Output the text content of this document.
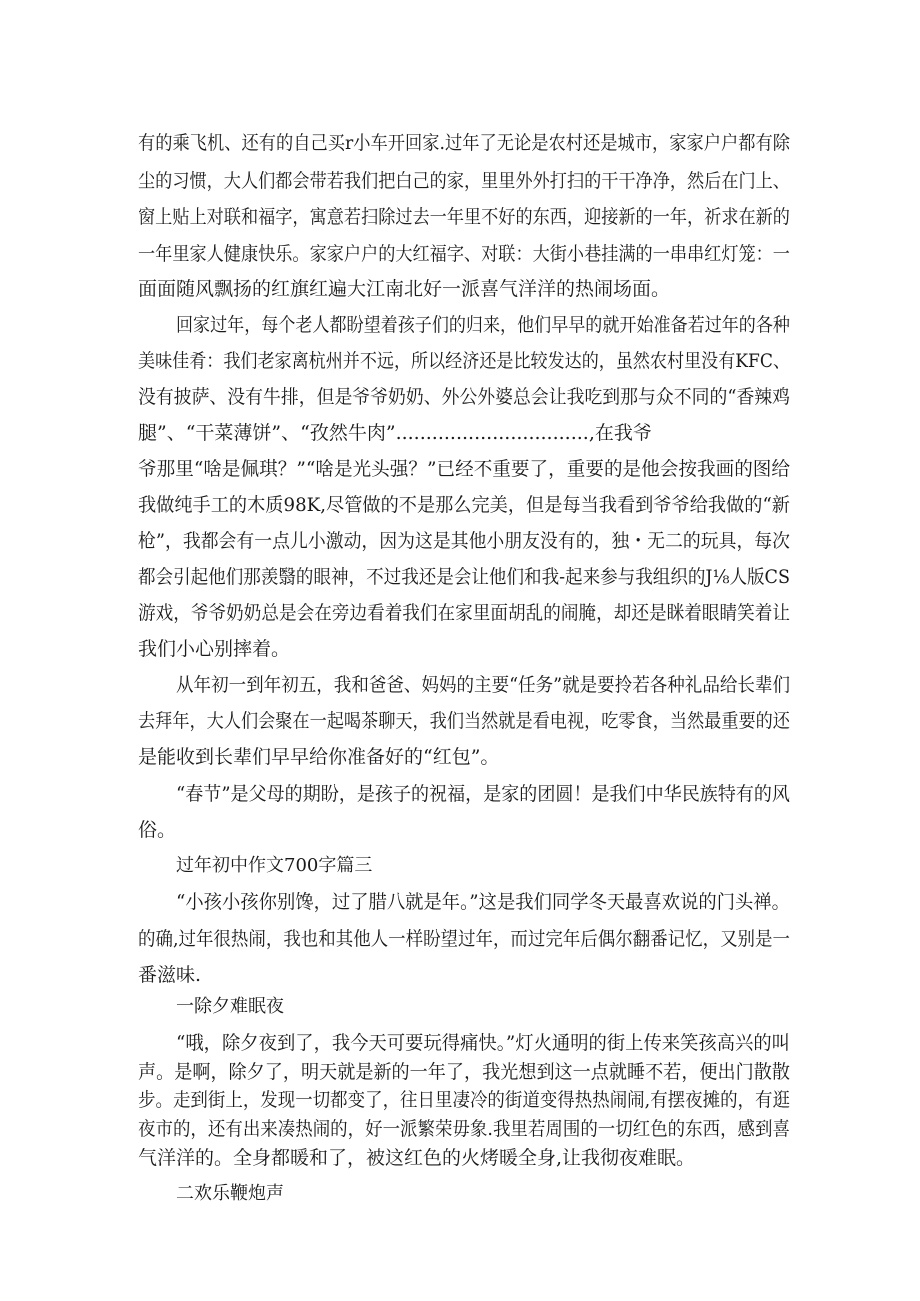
有的乘飞机、还有的自己买r小车开回家.过年了无论是农村还是城市，家家户户都有除
尘的习惯，大人们都会带若我们把白己的家，里里外外打扫的干干净净，然后在门上、
窗上贴上对联和福字，寓意若扫除过去一年里不好的东西，迎接新的一年，祈求在新的
一年里家人健康快乐。家家户户的大红福字、对联：大街小巷挂满的一串串红灯笼：一
面面随风飘扬的红旗红遍大江南北好一派喜气洋洋的热闹场面。
回家过年，每个老人都盼望着孩子们的归来，他们早早的就开始准备若过年的各种
美味佳肴：我们老家离杭州并不远，所以经济还是比较发达的，虽然农村里没有KFC、
没有披萨、没有牛排，但是爷爷奶奶、外公外婆总会让我吃到那与众不同的“香辣鸡
腿”、“干菜薄饼”、“孜然牛肉”................................,在我爷
爷那里“啥是佩琪？”“啥是光头强？”已经不重要了，重要的是他会按我画的图给
我做纯手工的木质98K,尽管做的不是那么完美，但是每当我看到爷爷给我做的“新
枪”，我都会有一点儿小激动，因为这是其他小朋友没有的，独・无二的玩具，每次
都会引起他们那羡翳的眼神，不过我还是会让他们和我-起来参与我组织的J⅛人版CS
游戏，爷爷奶奶总是会在旁边看着我们在家里面胡乱的闹腌，却还是眯着眼睛笑着让
我们小心别摔着。
从年初一到年初五，我和爸爸、妈妈的主要“任务”就是要拎若各种礼品给长辈们
去拜年，大人们会聚在一起喝茶聊天，我们当然就是看电视，吃零食，当然最重要的还
是能收到长辈们早早给你准备好的“红包”。
“春节”是父母的期盼，是孩子的祝福，是家的团圆！是我们中华民族特有的风
俗。
过年初中作文700字篇三
“小孩小孩你别馋，过了腊八就是年。”这是我们同学冬天最喜欢说的门头禅。
的确,过年很热闹，我也和其他人一样盼望过年，而过完年后偶尔翻番记忆，又别是一
番滋味.
一除夕难眠夜
“哦，除夕夜到了，我今天可要玩得痛快。”灯火通明的街上传来笑孩高兴的叫
声。是啊，除夕了，明天就是新的一年了，我光想到这一点就睡不若，便出门散散
步。走到街上，发现一切都变了，往日里凄冷的街道变得热热闹闹,有摆夜摊的，有逛
夜市的，还有出来凑热闹的，好一派繁荣毋象.我里若周围的一切红色的东西，感到喜
气洋洋的。全身都暖和了，被这红色的火烤暖全身,让我彻夜难眠。
二欢乐鞭炮声
